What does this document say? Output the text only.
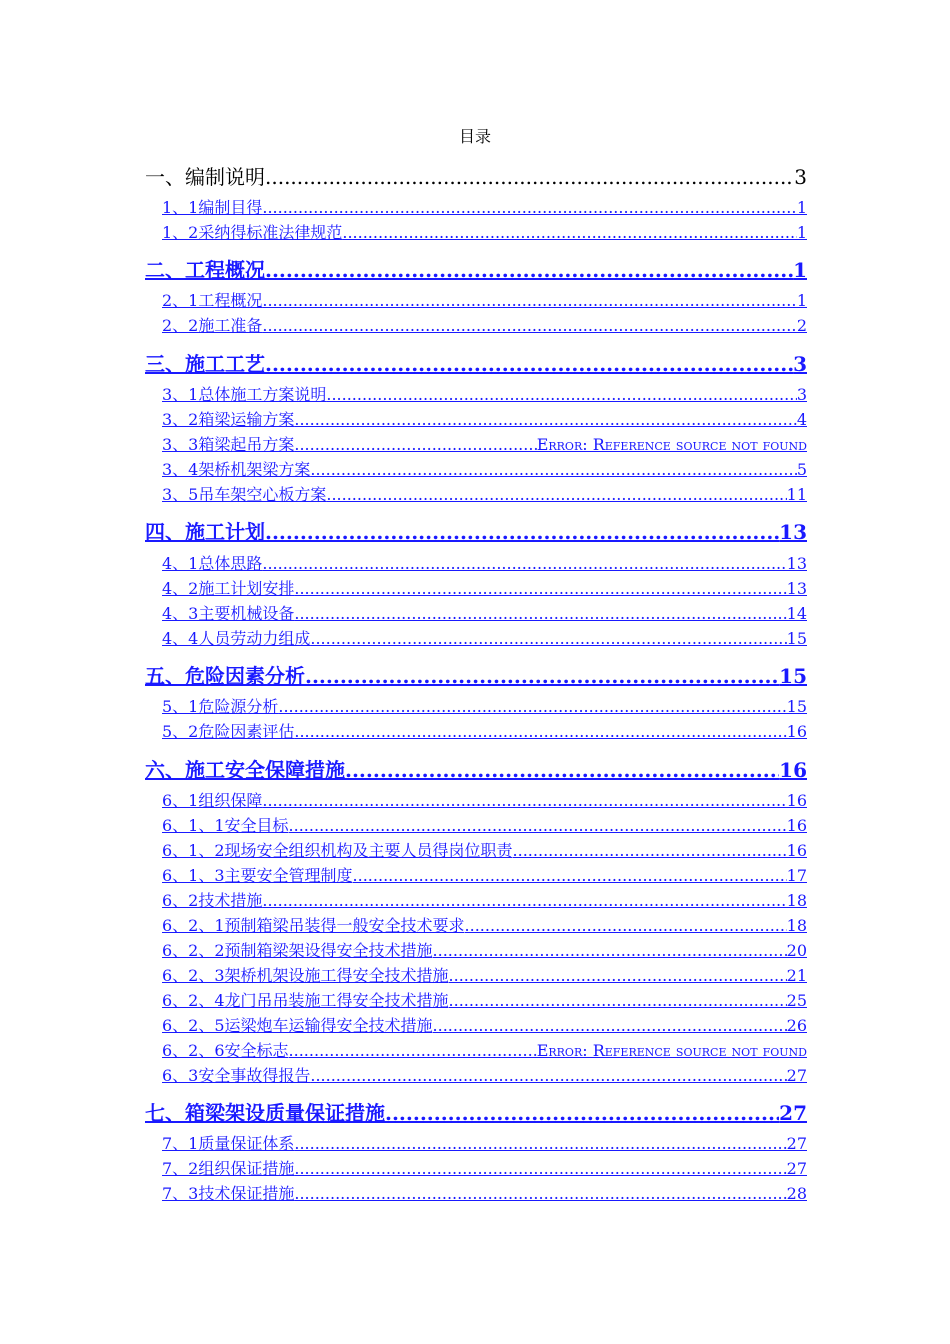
目录
一、编制说明 .....	3
1、1编制目得 .....	1
1、2采纳得标准法律规范 .....	1
二、工程概况 .....	1
2、1工程概况 .....	1
2、2施工准备 .....	2
三、施工工艺 .....	3
3、1总体施工方案说明 .....	3
3、2箱梁运输方案 .....	4
3、3箱梁起吊方案 .....	Error: Reference source not found
3、4架桥机架梁方案 .....	5
3、5吊车架空心板方案 .....	11
四、施工计划 .....	13
4、1总体思路 .....	13
4、2施工计划安排 .....	13
4、3主要机械设备 .....	14
4、4人员劳动力组成 .....	15
五、危险因素分析 .....	15
5、1危险源分析 .....	15
5、2危险因素评估 .....	16
六、施工安全保障措施 .....	16
6、1组织保障 .....	16
6、1、1安全目标 .....	16
6、1、2现场安全组织机构及主要人员得岗位职责 .....	16
6、1、3主要安全管理制度 .....	17
6、2技术措施 .....	18
6、2、1预制箱梁吊装得一般安全技术要求 .....	18
6、2、2预制箱梁架设得安全技术措施 .....	20
6、2、3架桥机架设施工得安全技术措施 .....	21
6、2、4龙门吊吊装施工得安全技术措施 .....	25
6、2、5运梁炮车运输得安全技术措施 .....	26
6、2、6安全标志 .....	Error: Reference source not found
6、3安全事故得报告 .....	27
七、箱梁架设质量保证措施 .....	27
7、1质量保证体系 .....	27
7、2组织保证措施 .....	27
7、3技术保证措施 .....	28
